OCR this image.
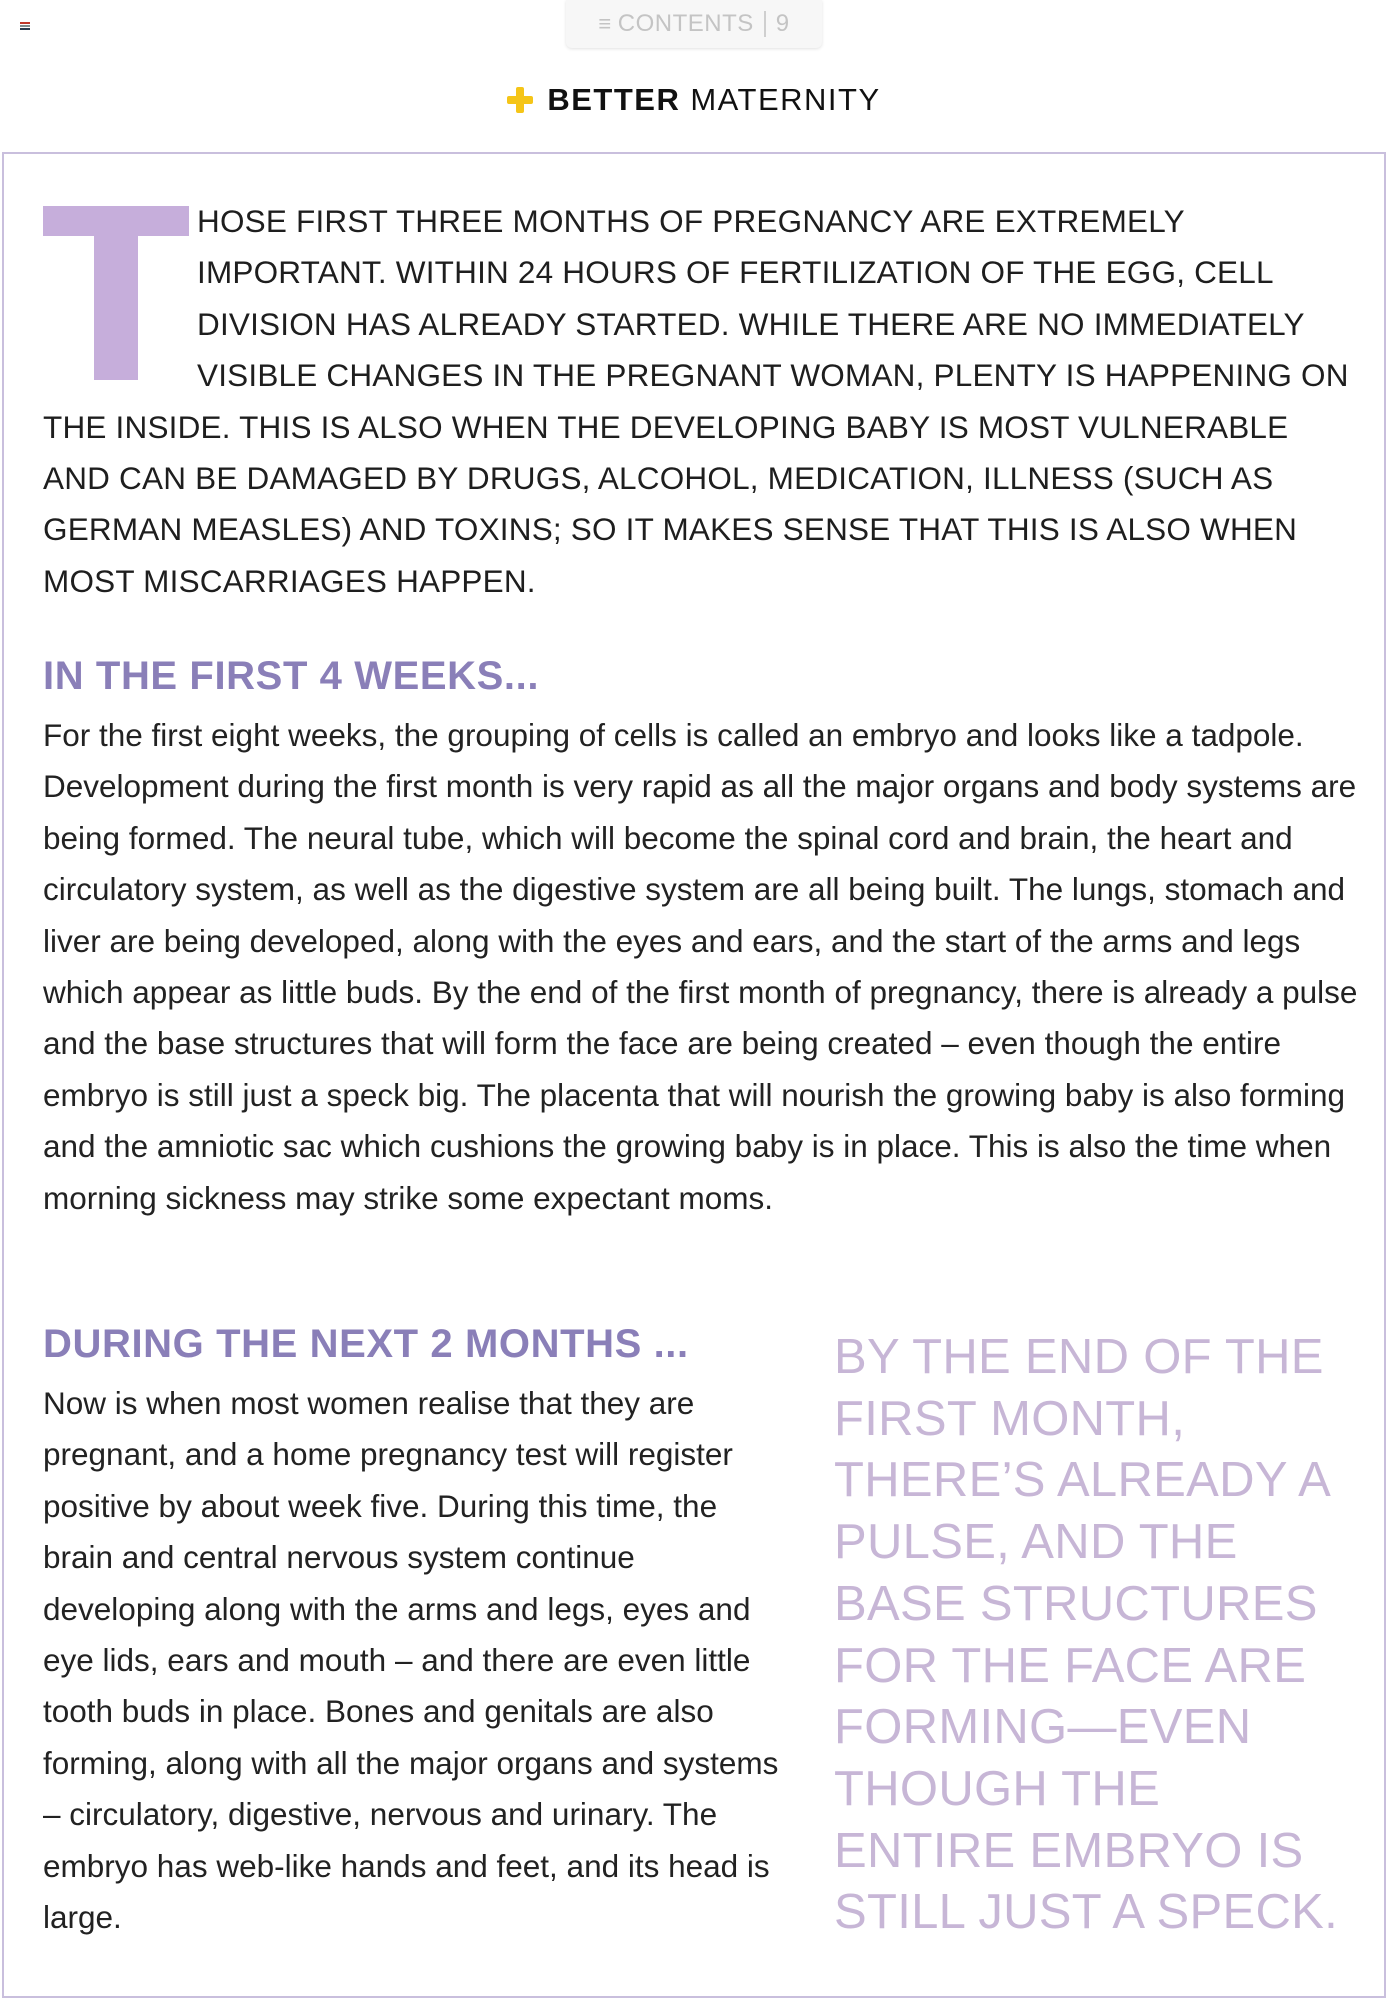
≡ CONTENTS 9
BETTER MATERNITY
HOSE FIRST THREE MONTHS OF PREGNANCY ARE EXTREMELY IMPORTANT. WITHIN 24 HOURS OF FERTILIZATION OF THE EGG, CELL DIVISION HAS ALREADY STARTED. WHILE THERE ARE NO IMMEDIATELY VISIBLE CHANGES IN THE PREGNANT WOMAN, PLENTY IS HAPPENING ON THE INSIDE. THIS IS ALSO WHEN THE DEVELOPING BABY IS MOST VULNERABLE AND CAN BE DAMAGED BY DRUGS, ALCOHOL, MEDICATION, ILLNESS (SUCH AS GERMAN MEASLES) AND TOXINS; SO IT MAKES SENSE THAT THIS IS ALSO WHEN MOST MISCARRIAGES HAPPEN.
IN THE FIRST 4 WEEKS...
For the first eight weeks, the grouping of cells is called an embryo and looks like a tadpole. Development during the first month is very rapid as all the major organs and body systems are being formed. The neural tube, which will become the spinal cord and brain, the heart and circulatory system, as well as the digestive system are all being built. The lungs, stomach and liver are being developed, along with the eyes and ears, and the start of the arms and legs which appear as little buds. By the end of the first month of pregnancy, there is already a pulse and the base structures that will form the face are being created – even though the entire embryo is still just a speck big. The placenta that will nourish the growing baby is also forming and the amniotic sac which cushions the growing baby is in place. This is also the time when morning sickness may strike some expectant moms.
DURING THE NEXT 2 MONTHS ...
Now is when most women realise that they are pregnant, and a home pregnancy test will register positive by about week five. During this time, the brain and central nervous system continue developing along with the arms and legs, eyes and eye lids, ears and mouth – and there are even little tooth buds in place. Bones and genitals are also forming, along with all the major organs and systems – circulatory, digestive, nervous and urinary. The embryo has web-like hands and feet, and its head is large.
BY THE END OF THE FIRST MONTH, THERE’S ALREADY A PULSE, AND THE BASE STRUCTURES FOR THE FACE ARE FORMING—EVEN THOUGH THE ENTIRE EMBRYO IS STILL JUST A SPECK.
